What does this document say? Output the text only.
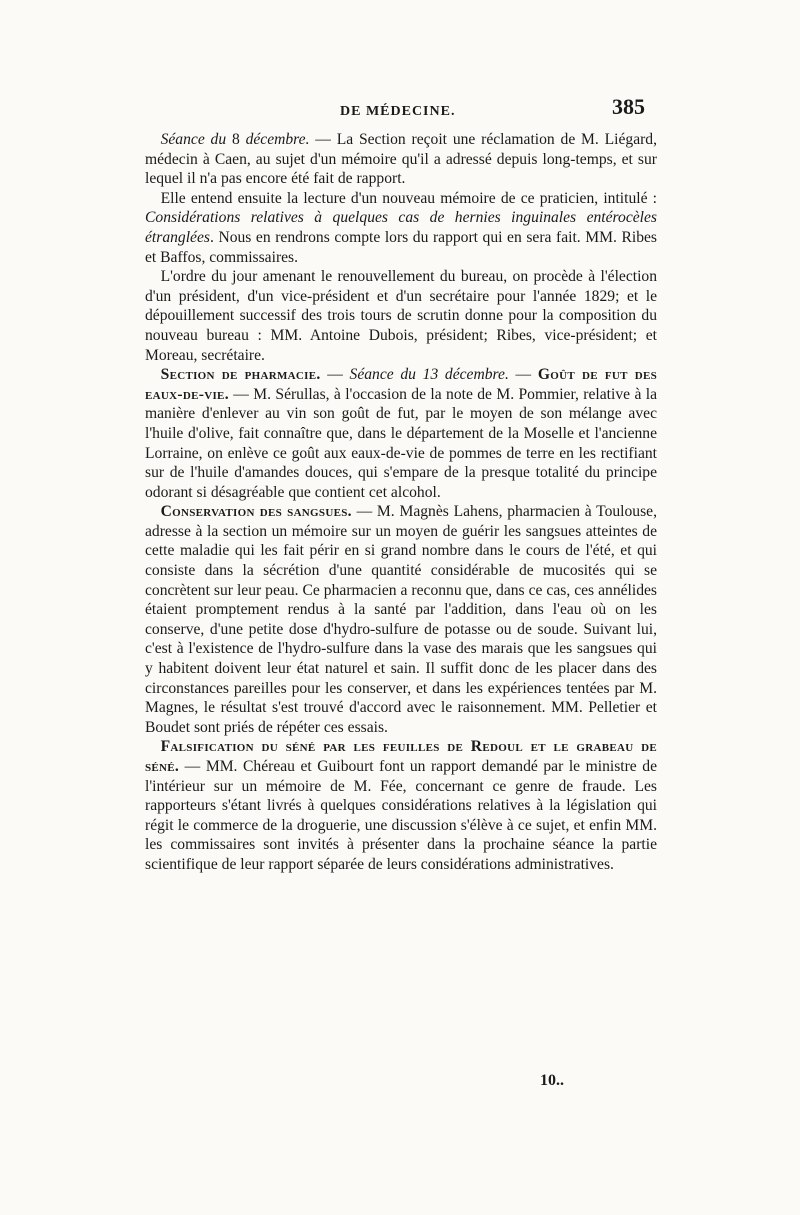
DE MÉDECINE.	385

 Séance du 8 décembre. — La Section reçoit une réclamation de M. Liégard, médecin à Caen, au sujet d'un mémoire qu'il a adressé depuis long-temps, et sur lequel il n'a pas encore été fait de rapport.

 Elle entend ensuite la lecture d'un nouveau mémoire de ce praticien, intitulé : Considérations relatives à quelques cas de hernies inguinales entérocèles étranglées. Nous en rendrons compte lors du rapport qui en sera fait. MM. Ribes et Baffos, commissaires.

 L'ordre du jour amenant le renouvellement du bureau, on procède à l'élection d'un président, d'un vice-président et d'un secrétaire pour l'année 1829; et le dépouillement successif des trois tours de scrutin donne pour la composition du nouveau bureau : MM. Antoine Dubois, président; Ribes, vice-président; et Moreau, secrétaire.

 Section de pharmacie. — Séance du 13 décembre. — Goût de fut des eaux-de-vie. — M. Sérullas, à l'occasion de la note de M. Pommier, relative à la manière d'enlever au vin son goût de fut, par le moyen de son mélange avec l'huile d'olive, fait connaître que, dans le département de la Moselle et l'ancienne Lorraine, on enlève ce goût aux eaux-de-vie de pommes de terre en les rectifiant sur de l'huile d'amandes douces, qui s'empare de la presque totalité du principe odorant si désagréable que contient cet alcohol.

 Conservation des sangsues. — M. Magnès Lahens, pharmacien à Toulouse, adresse à la section un mémoire sur un moyen de guérir les sangsues atteintes de cette maladie qui les fait périr en si grand nombre dans le cours de l'été, et qui consiste dans la sécrétion d'une quantité considérable de mucosités qui se concrètent sur leur peau. Ce pharmacien a reconnu que, dans ce cas, ces annélides étaient promptement rendus à la santé par l'addition, dans l'eau où on les conserve, d'une petite dose d'hydro-sulfure de potasse ou de soude. Suivant lui, c'est à l'existence de l'hydro-sulfure dans la vase des marais que les sangsues qui y habitent doivent leur état naturel et sain. Il suffit donc de les placer dans des circonstances pareilles pour les conserver, et dans les expériences tentées par M. Magnes, le résultat s'est trouvé d'accord avec le raisonnement. MM. Pelletier et Boudet sont priés de répéter ces essais.

 Falsification du séné par les feuilles de Redoul et le grabeau de séné. — MM. Chéreau et Guibourt font un rapport demandé par le ministre de l'intérieur sur un mémoire de M. Fée, concernant ce genre de fraude. Les rapporteurs s'étant livrés à quelques considérations relatives à la législation qui régit le commerce de la droguerie, une discussion s'élève à ce sujet, et enfin MM. les commissaires sont invités à présenter dans la prochaine séance la partie scientifique de leur rapport séparée de leurs considérations administratives.

10..
